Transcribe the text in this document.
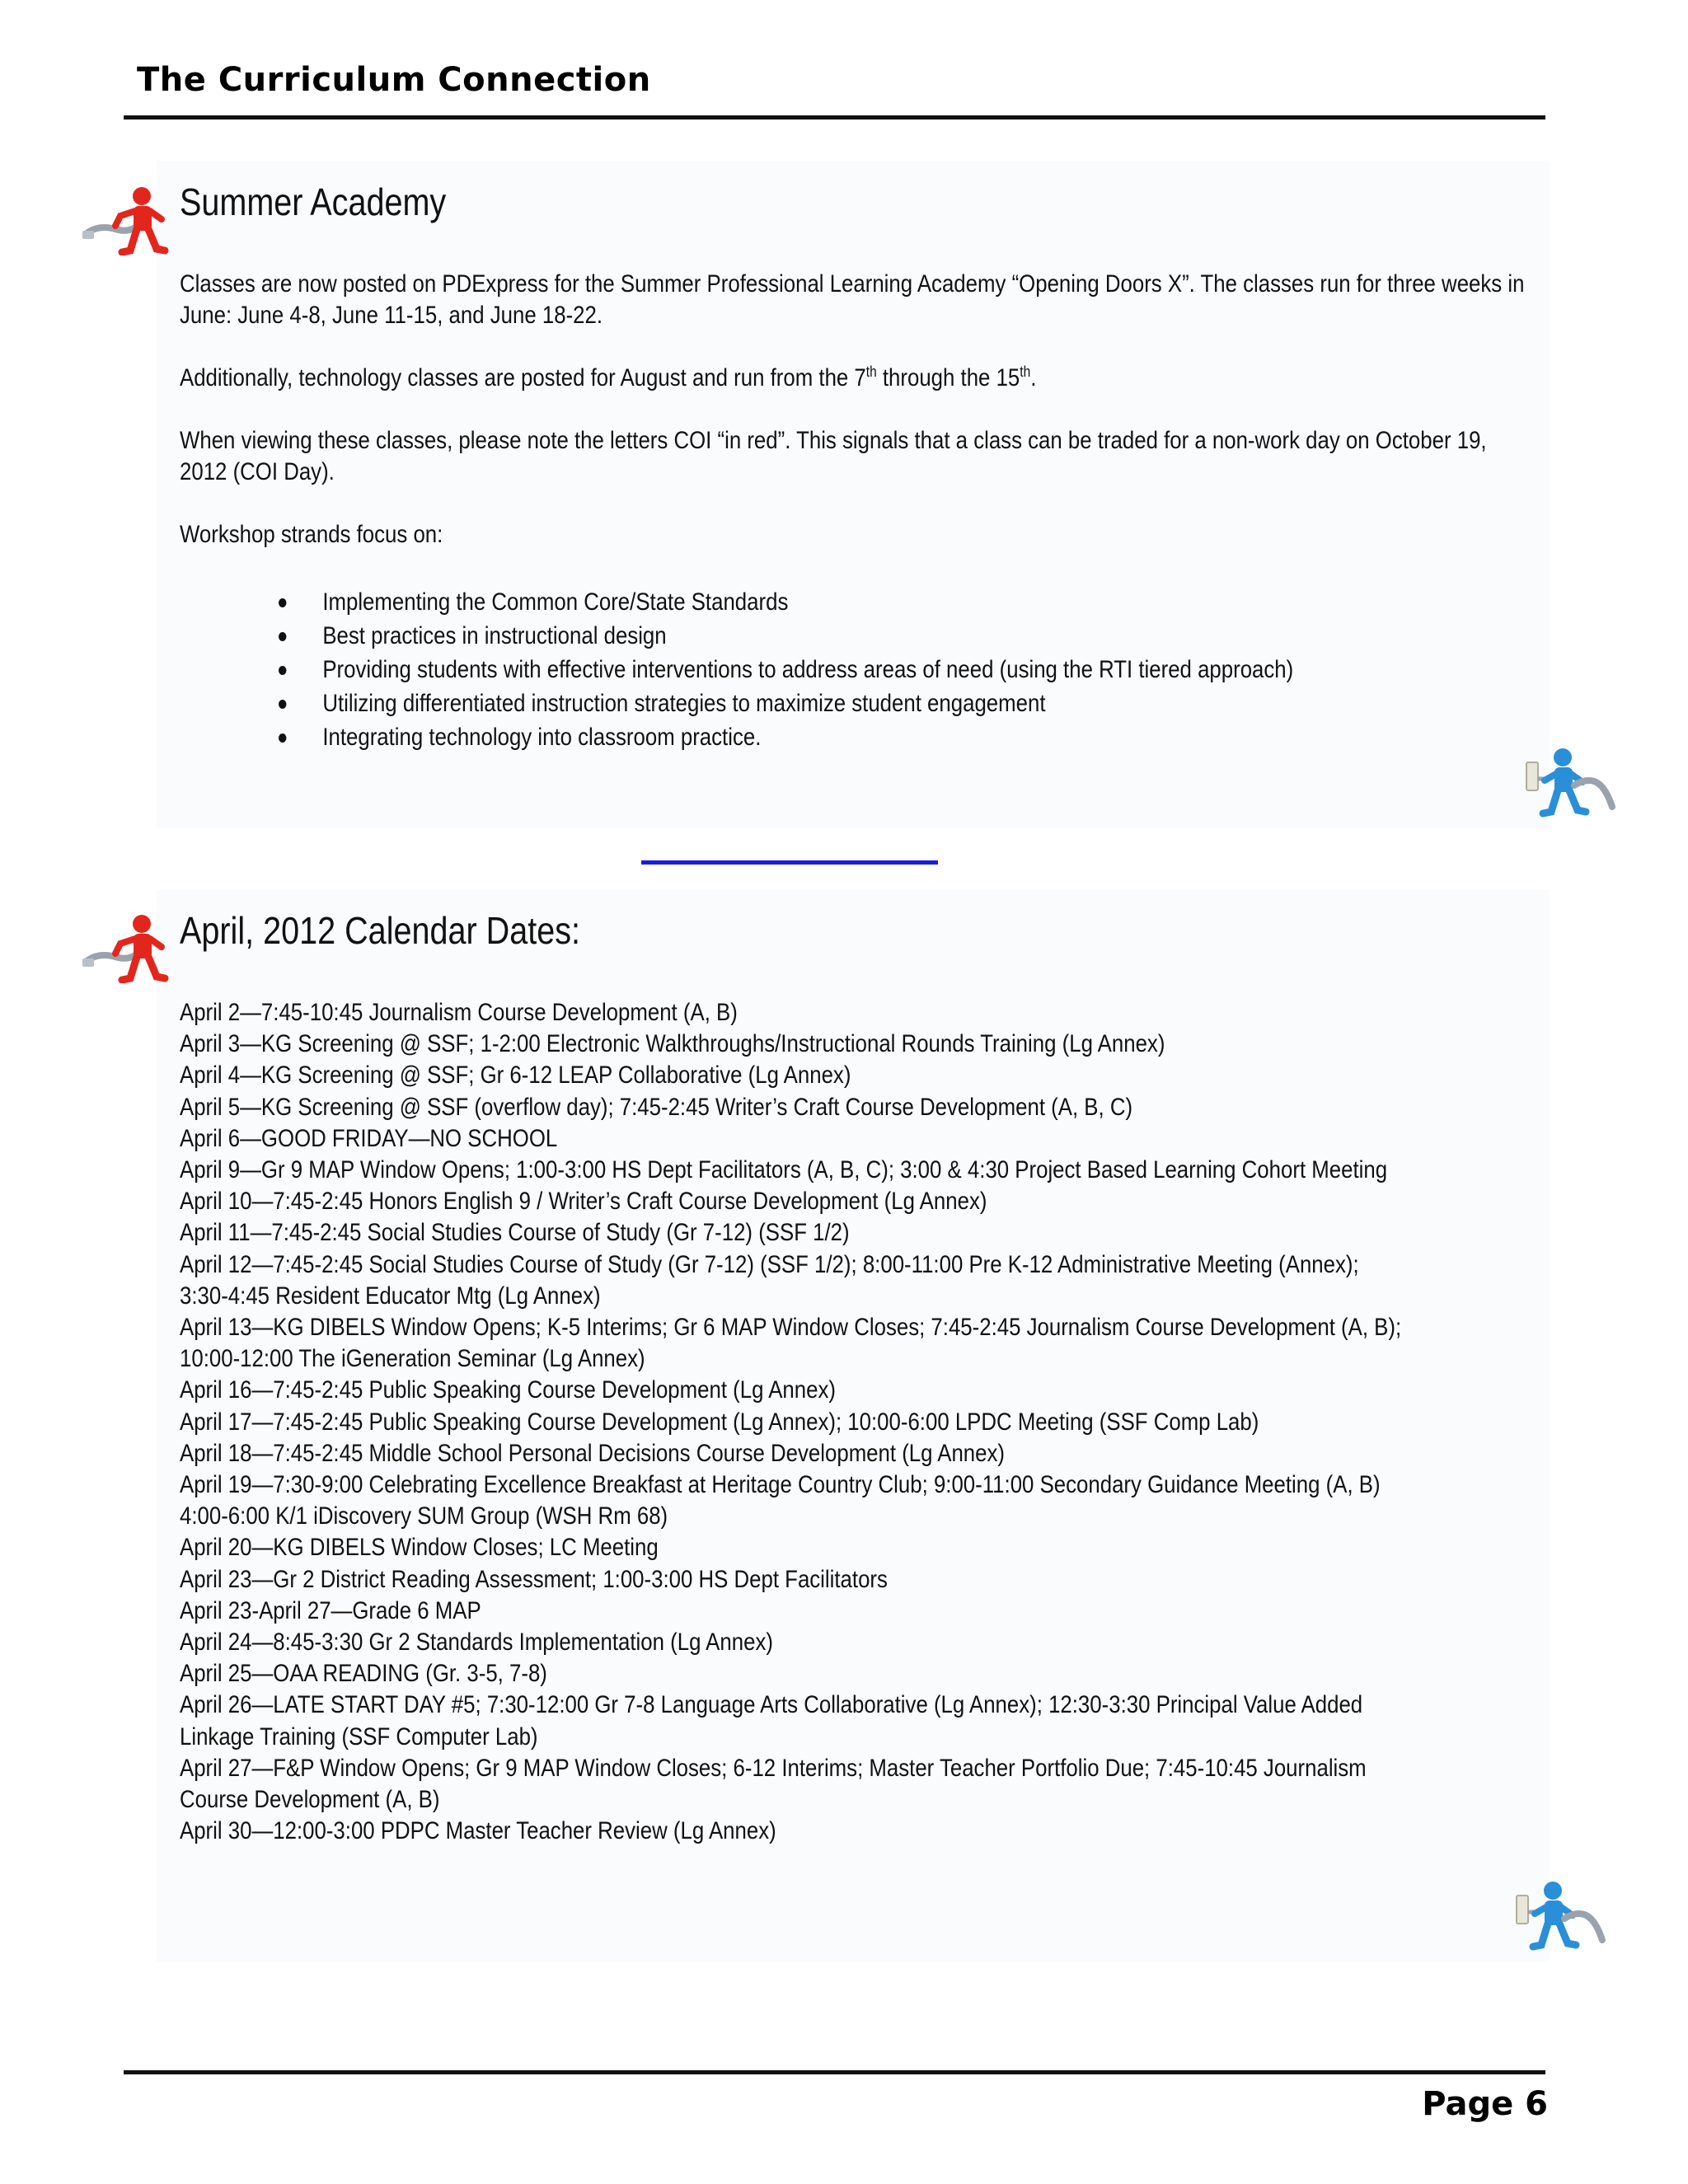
The Curriculum Connection
Summer Academy

Classes are now posted on PDExpress for the Summer Professional Learning Academy “Opening Doors X”. The classes run for three weeks in June: June 4-8, June 11-15, and June 18-22.

Additionally, technology classes are posted for August and run from the 7th through the 15th.

When viewing these classes, please note the letters COI “in red”. This signals that a class can be traded for a non-work day on October 19, 2012 (COI Day).

Workshop strands focus on:

Implementing the Common Core/State Standards
Best practices in instructional design
Providing students with effective interventions to address areas of need (using the RTI tiered approach)
Utilizing differentiated instruction strategies to maximize student engagement
Integrating technology into classroom practice.
April, 2012 Calendar Dates:
April 2—7:45-10:45 Journalism Course Development (A, B)
April 3—KG Screening @ SSF; 1-2:00 Electronic Walkthroughs/Instructional Rounds Training (Lg Annex)
April 4—KG Screening @ SSF; Gr 6-12 LEAP Collaborative (Lg Annex)
April 5—KG Screening @ SSF (overflow day); 7:45-2:45 Writer’s Craft Course Development (A, B, C)
April 6—GOOD FRIDAY—NO SCHOOL
April 9—Gr 9 MAP Window Opens; 1:00-3:00 HS Dept Facilitators (A, B, C); 3:00 & 4:30 Project Based Learning Cohort Meeting
April 10—7:45-2:45 Honors English 9 / Writer’s Craft Course Development (Lg Annex)
April 11—7:45-2:45 Social Studies Course of Study (Gr 7-12) (SSF 1/2)
April 12—7:45-2:45 Social Studies Course of Study (Gr 7-12) (SSF 1/2); 8:00-11:00 Pre K-12 Administrative Meeting (Annex);
3:30-4:45 Resident Educator Mtg (Lg Annex)
April 13—KG DIBELS Window Opens; K-5 Interims; Gr 6 MAP Window Closes; 7:45-2:45 Journalism Course Development (A, B);
10:00-12:00 The iGeneration Seminar (Lg Annex)
April 16—7:45-2:45 Public Speaking Course Development (Lg Annex)
April 17—7:45-2:45 Public Speaking Course Development (Lg Annex); 10:00-6:00 LPDC Meeting (SSF Comp Lab)
April 18—7:45-2:45 Middle School Personal Decisions Course Development (Lg Annex)
April 19—7:30-9:00 Celebrating Excellence Breakfast at Heritage Country Club; 9:00-11:00 Secondary Guidance Meeting (A, B)
4:00-6:00 K/1 iDiscovery SUM Group (WSH Rm 68)
April 20—KG DIBELS Window Closes; LC Meeting
April 23—Gr 2 District Reading Assessment; 1:00-3:00 HS Dept Facilitators
April 23-April 27—Grade 6 MAP
April 24—8:45-3:30 Gr 2 Standards Implementation (Lg Annex)
April 25—OAA READING (Gr. 3-5, 7-8)
April 26—LATE START DAY #5; 7:30-12:00 Gr 7-8 Language Arts Collaborative (Lg Annex); 12:30-3:30 Principal Value Added
Linkage Training (SSF Computer Lab)
April 27—F&P Window Opens; Gr 9 MAP Window Closes; 6-12 Interims; Master Teacher Portfolio Due; 7:45-10:45 Journalism
Course Development (A, B)
April 30—12:00-3:00 PDPC Master Teacher Review (Lg Annex)
Page 6
